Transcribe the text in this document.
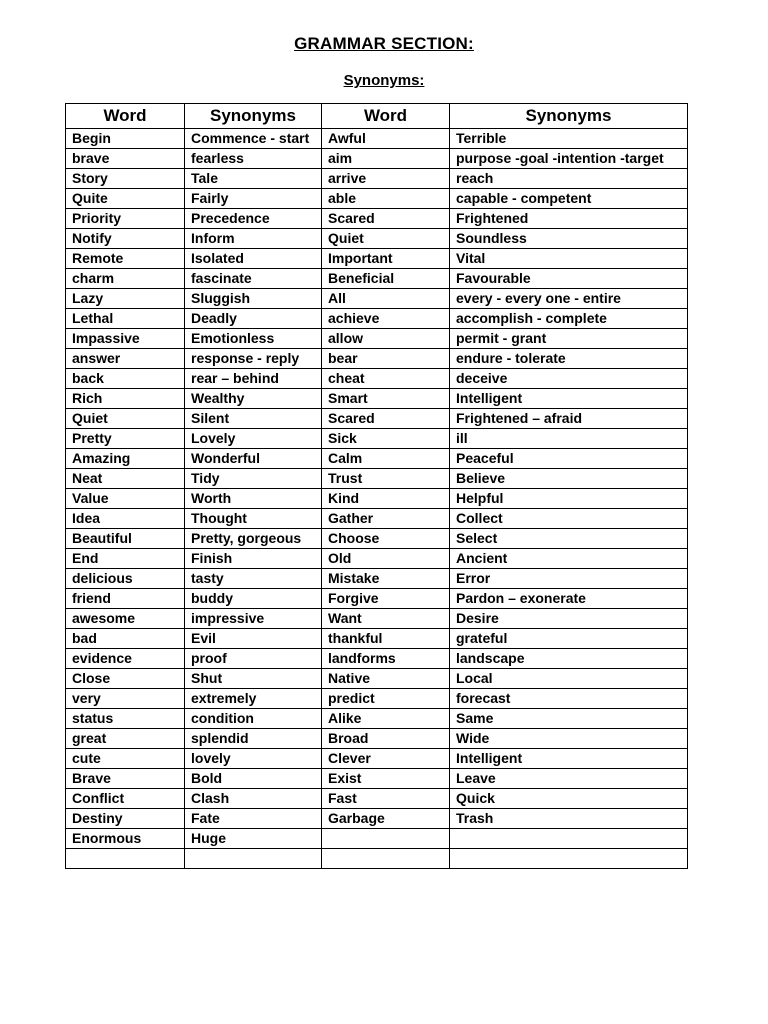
GRAMMAR SECTION:
Synonyms:
Word	Synonyms	Word	Synonyms
Begin	Commence - start	Awful	Terrible
brave	fearless	aim	purpose -goal -intention -target
Story	Tale	arrive	reach
Quite	Fairly	able	capable - competent
Priority	Precedence	Scared	Frightened
Notify	Inform	Quiet	Soundless
Remote	Isolated	Important	Vital
charm	fascinate	Beneficial	Favourable
Lazy	Sluggish	All	every - every one - entire
Lethal	Deadly	achieve	accomplish - complete
Impassive	Emotionless	allow	permit - grant
answer	response - reply	bear	endure - tolerate
back	rear – behind	cheat	deceive
Rich	Wealthy	Smart	Intelligent
Quiet	Silent	Scared	Frightened – afraid
Pretty	Lovely	Sick	ill
Amazing	Wonderful	Calm	Peaceful
Neat	Tidy	Trust	Believe
Value	Worth	Kind	Helpful
Idea	Thought	Gather	Collect
Beautiful	Pretty, gorgeous	Choose	Select
End	Finish	Old	Ancient
delicious	tasty	Mistake	Error
friend	buddy	Forgive	Pardon – exonerate
awesome	impressive	Want	Desire
bad	Evil	thankful	grateful
evidence	proof	landforms	landscape
Close	Shut	Native	Local
very	extremely	predict	forecast
status	condition	Alike	Same
great	splendid	Broad	Wide
cute	lovely	Clever	Intelligent
Brave	Bold	Exist	Leave
Conflict	Clash	Fast	Quick
Destiny	Fate	Garbage	Trash
Enormous	Huge		
